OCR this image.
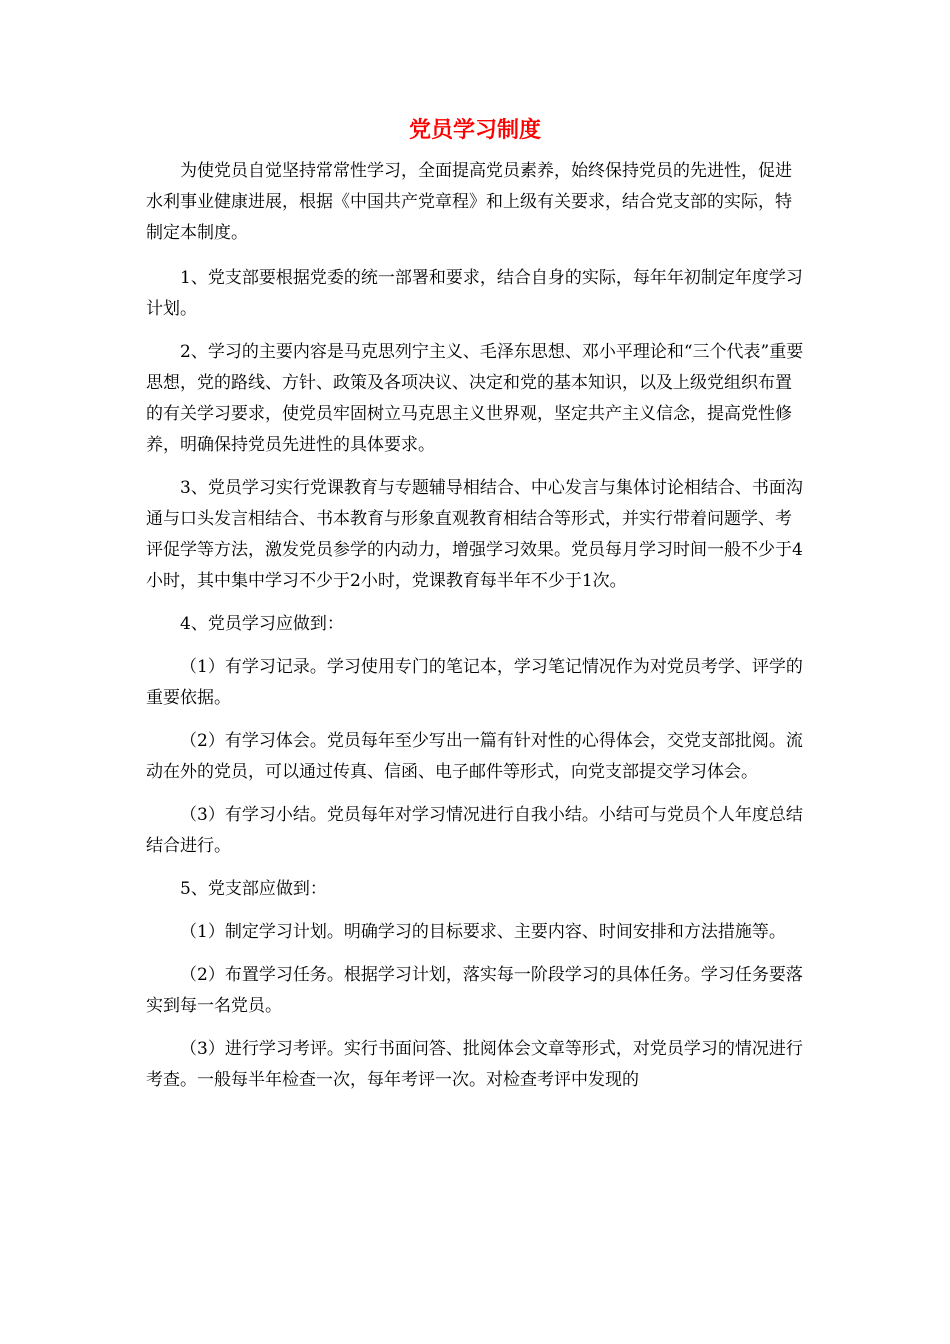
党员学习制度

为使党员自觉坚持常常性学习，全面提高党员素养，始终保持党员的先进性，促进水利事业健康进展，根据《中国共产党章程》和上级有关要求，结合党支部的实际，特制定本制度。

1、党支部要根据党委的统一部署和要求，结合自身的实际，每年年初制定年度学习计划。

2、学习的主要内容是马克思列宁主义、毛泽东思想、邓小平理论和“三个代表”重要思想，党的路线、方针、政策及各项决议、决定和党的基本知识，以及上级党组织布置的有关学习要求，使党员牢固树立马克思主义世界观，坚定共产主义信念，提高党性修养，明确保持党员先进性的具体要求。

3、党员学习实行党课教育与专题辅导相结合、中心发言与集体讨论相结合、书面沟通与口头发言相结合、书本教育与形象直观教育相结合等形式，并实行带着问题学、考评促学等方法，激发党员参学的内动力，增强学习效果。党员每月学习时间一般不少于4小时，其中集中学习不少于2小时，党课教育每半年不少于1次。

4、党员学习应做到：

（1）有学习记录。学习使用专门的笔记本，学习笔记情况作为对党员考学、评学的重要依据。

（2）有学习体会。党员每年至少写出一篇有针对性的心得体会，交党支部批阅。流动在外的党员，可以通过传真、信函、电子邮件等形式，向党支部提交学习体会。

（3）有学习小结。党员每年对学习情况进行自我小结。小结可与党员个人年度总结结合进行。

5、党支部应做到：

（1）制定学习计划。明确学习的目标要求、主要内容、时间安排和方法措施等。

（2）布置学习任务。根据学习计划，落实每一阶段学习的具体任务。学习任务要落实到每一名党员。

（3）进行学习考评。实行书面问答、批阅体会文章等形式，对党员学习的情况进行考查。一般每半年检查一次，每年考评一次。对检查考评中发现的
